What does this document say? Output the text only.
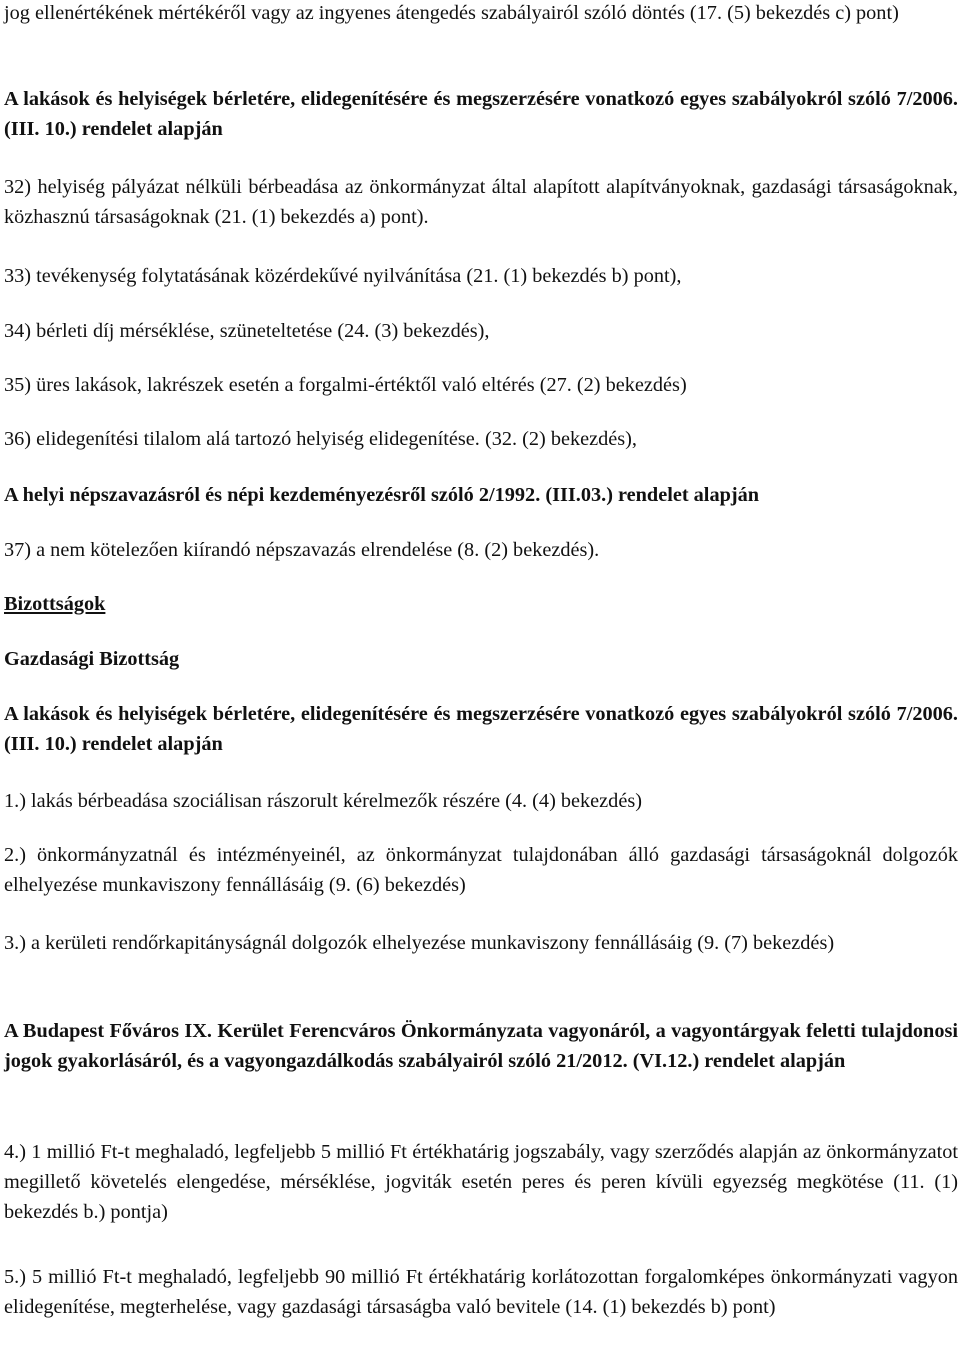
jog ellenértékének mértékéről vagy az ingyenes átengedés szabályairól szóló döntés (17. (5) bekezdés c) pont)

A lakások és helyiségek bérletére, elidegenítésére és megszerzésére vonatkozó egyes szabályokról szóló 7/2006. (III. 10.) rendelet alapján

32) helyiség pályázat nélküli bérbeadása az önkormányzat által alapított alapítványoknak, gazdasági társaságoknak, közhasznú társaságoknak (21. (1) bekezdés a) pont).

33) tevékenység folytatásának közérdekűvé nyilvánítása (21. (1) bekezdés b) pont),

34) bérleti díj mérséklése, szüneteltetése (24. (3) bekezdés),

35) üres lakások, lakrészek esetén a forgalmi-értéktől való eltérés (27. (2) bekezdés)

36) elidegenítési tilalom alá tartozó helyiség elidegenítése. (32. (2) bekezdés),

A helyi népszavazásról és népi kezdeményezésről szóló 2/1992. (III.03.) rendelet alapján

37) a nem kötelezően kiírandó népszavazás elrendelése (8. (2) bekezdés).

Bizottságok

Gazdasági Bizottság

A lakások és helyiségek bérletére, elidegenítésére és megszerzésére vonatkozó egyes szabályokról szóló 7/2006. (III. 10.) rendelet alapján

1.) lakás bérbeadása szociálisan rászorult kérelmezők részére (4. (4) bekezdés)

2.) önkormányzatnál és intézményeinél, az önkormányzat tulajdonában álló gazdasági társaságoknál dolgozók elhelyezése munkaviszony fennállásáig (9. (6) bekezdés)

3.) a kerületi rendőrkapitányságnál dolgozók elhelyezése munkaviszony fennállásáig (9. (7) bekezdés)

A Budapest Főváros IX. Kerület Ferencváros Önkormányzata vagyonáról, a vagyontárgyak feletti tulajdonosi jogok gyakorlásáról, és a vagyongazdálkodás szabályairól szóló 21/2012. (VI.12.) rendelet alapján

4.) 1 millió Ft-t meghaladó, legfeljebb 5 millió Ft értékhatárig jogszabály, vagy szerződés alapján az önkormányzatot megillető követelés elengedése, mérséklése, jogviták esetén peres és peren kívüli egyezség megkötése (11. (1) bekezdés b.) pontja)

5.) 5 millió Ft-t meghaladó, legfeljebb 90 millió Ft értékhatárig korlátozottan forgalomképes önkormányzati vagyon elidegenítése, megterhelése, vagy gazdasági társaságba való bevitele (14. (1) bekezdés b) pont)
